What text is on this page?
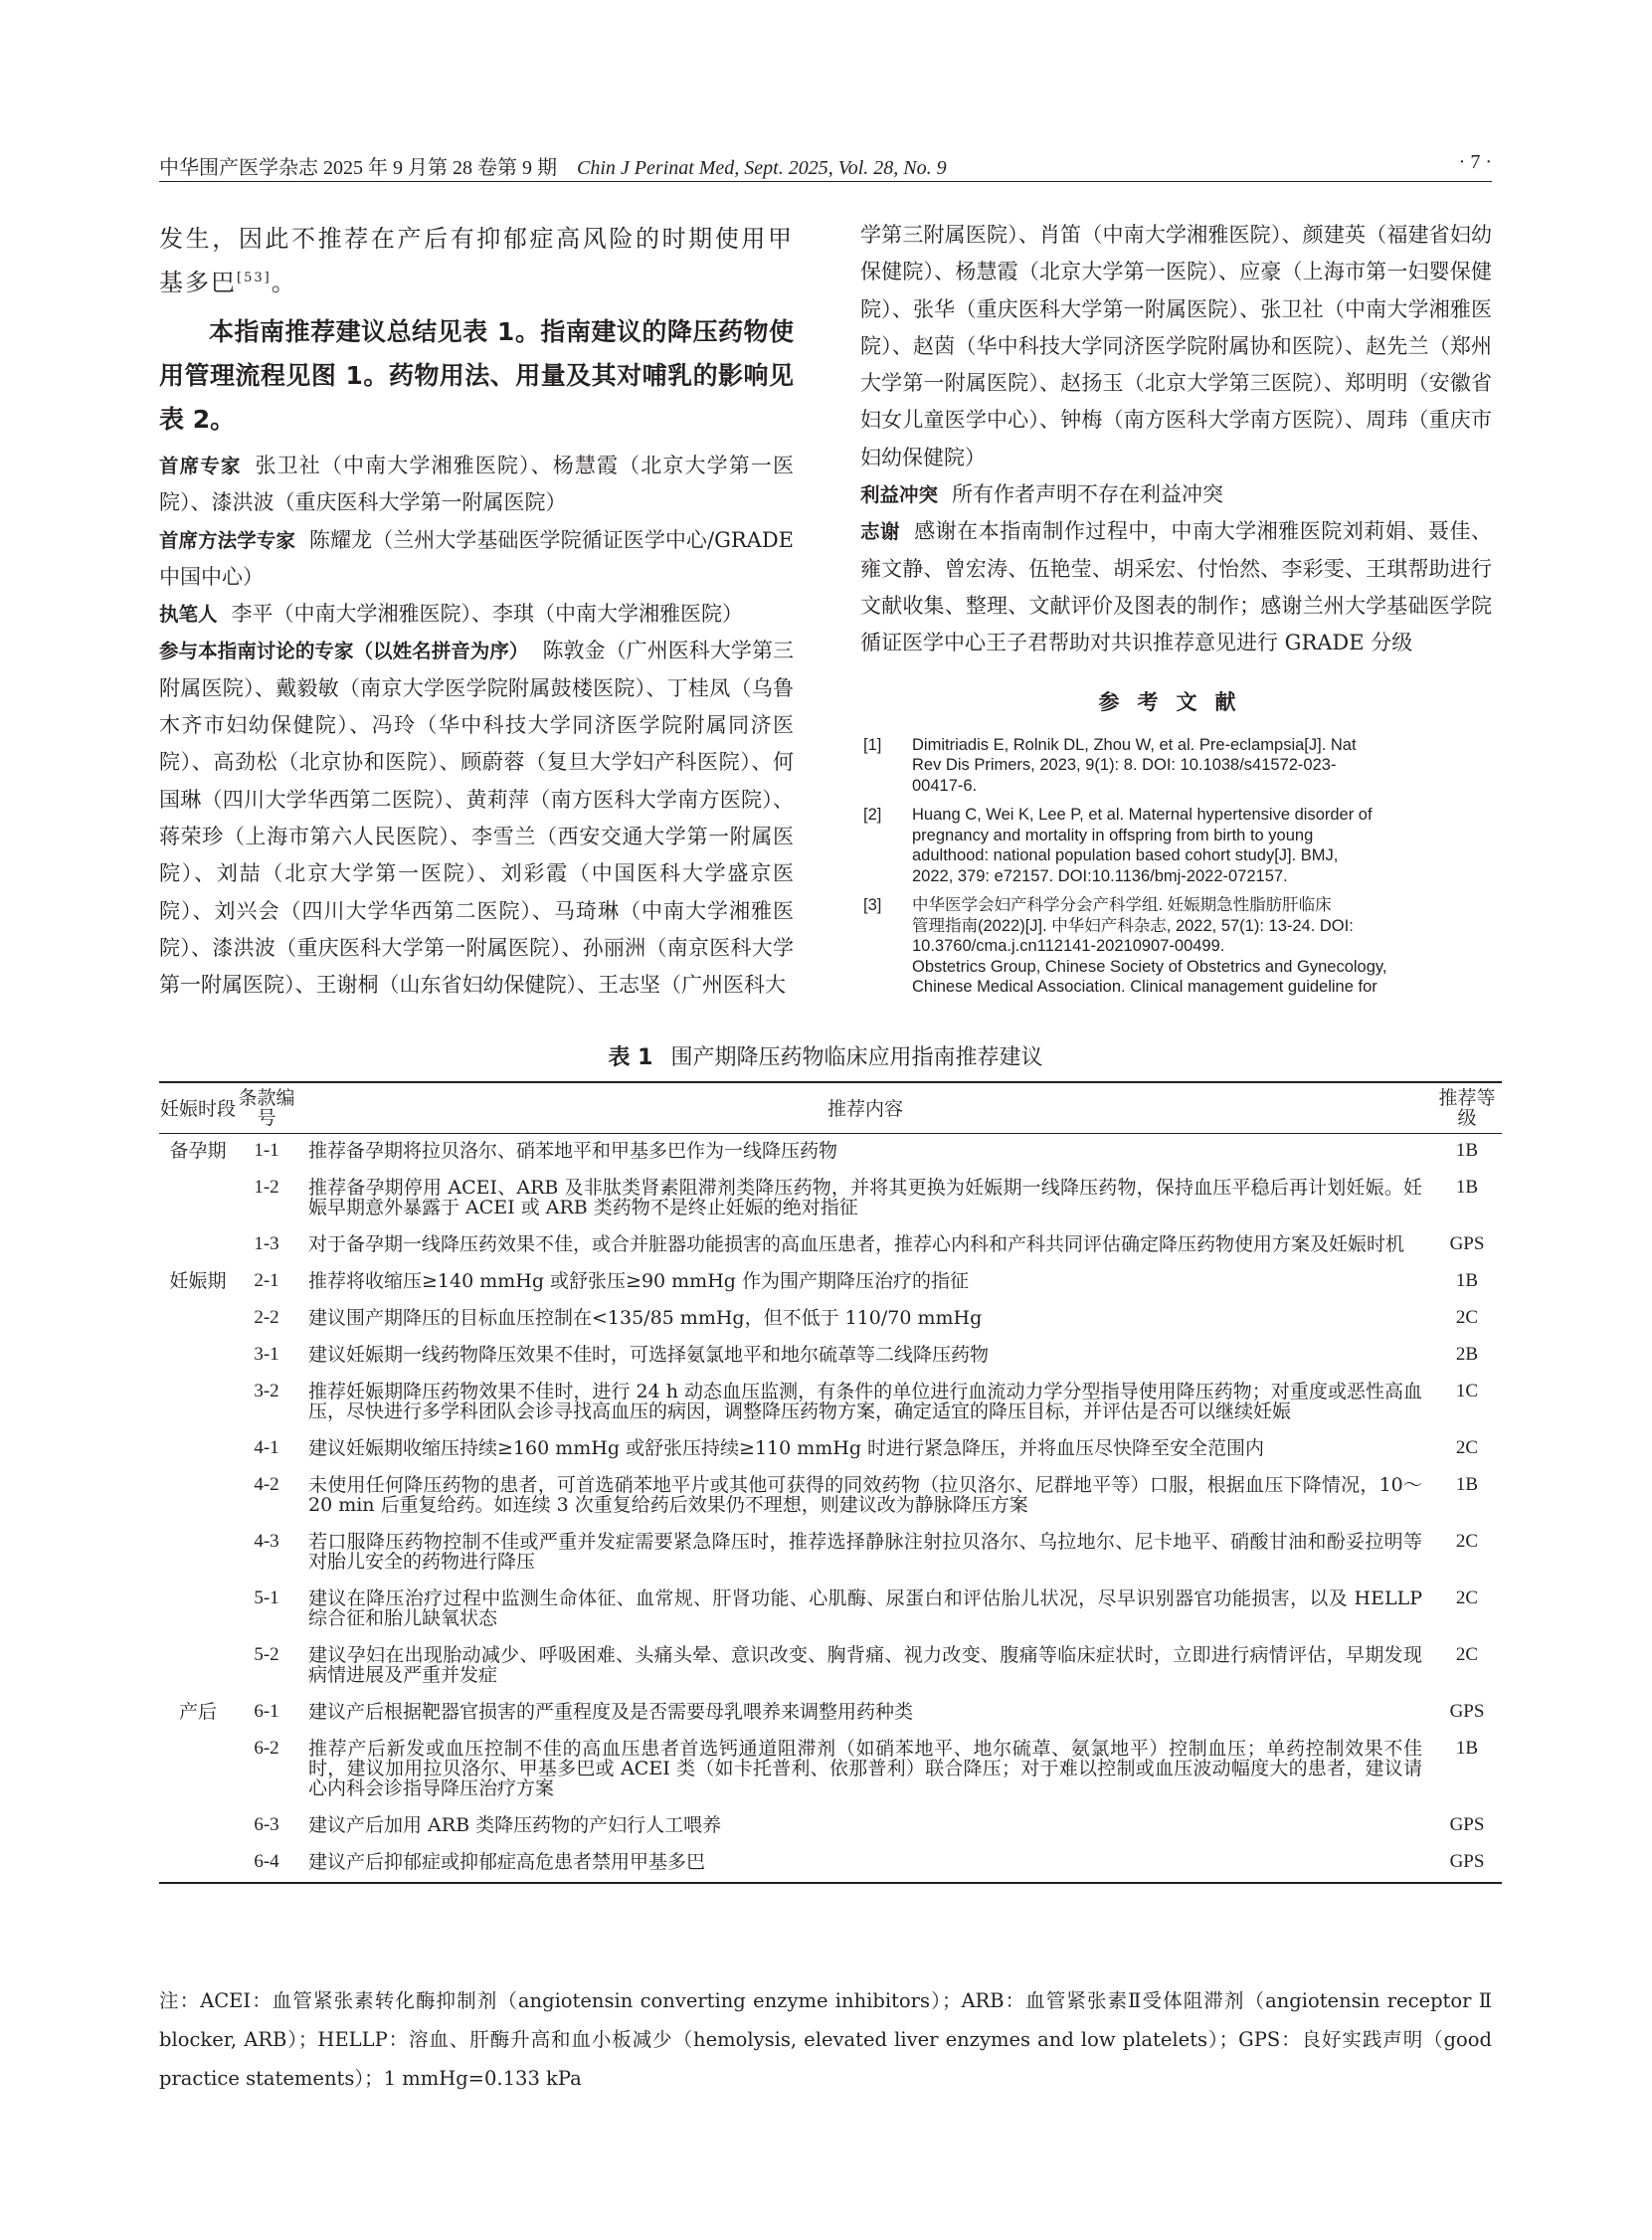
中华围产医学杂志 2025 年 9 月第 28 卷第 9 期 Chin J Perinat Med, Sept. 2025, Vol. 28, No. 9	· 7 ·

发生，因此不推荐在产后有抑郁症高风险的时期使用甲基多巴[53]。

本指南推荐建议总结见表 1。指南建议的降压药物使用管理流程见图 1。药物用法、用量及其对哺乳的影响见表 2。

首席专家 张卫社（中南大学湘雅医院）、杨慧霞（北京大学第一医院）、漆洪波（重庆医科大学第一附属医院）

首席方法学专家 陈耀龙（兰州大学基础医学院循证医学中心/GRADE 中国中心）

执笔人 李平（中南大学湘雅医院）、李琪（中南大学湘雅医院）

参与本指南讨论的专家（以姓名拼音为序） 陈敦金（广州医科大学第三附属医院）、戴毅敏（南京大学医学院附属鼓楼医院）、丁桂凤（乌鲁木齐市妇幼保健院）、冯玲（华中科技大学同济医学院附属同济医院）、高劲松（北京协和医院）、顾蔚蓉（复旦大学妇产科医院）、何国琳（四川大学华西第二医院）、黄莉萍（南方医科大学南方医院）、蒋荣珍（上海市第六人民医院）、李雪兰（西安交通大学第一附属医院）、刘喆（北京大学第一医院）、刘彩霞（中国医科大学盛京医院）、刘兴会（四川大学华西第二医院）、马琦琳（中南大学湘雅医院）、漆洪波（重庆医科大学第一附属医院）、孙丽洲（南京医科大学第一附属医院）、王谢桐（山东省妇幼保健院）、王志坚（广州医科大

学第三附属医院）、肖笛（中南大学湘雅医院）、颜建英（福建省妇幼保健院）、杨慧霞（北京大学第一医院）、应豪（上海市第一妇婴保健院）、张华（重庆医科大学第一附属医院）、张卫社（中南大学湘雅医院）、赵茵（华中科技大学同济医学院附属协和医院）、赵先兰（郑州大学第一附属医院）、赵扬玉（北京大学第三医院）、郑明明（安徽省妇女儿童医学中心）、钟梅（南方医科大学南方医院）、周玮（重庆市妇幼保健院）

利益冲突 所有作者声明不存在利益冲突

志谢 感谢在本指南制作过程中，中南大学湘雅医院刘莉娟、聂佳、雍文静、曾宏涛、伍艳莹、胡采宏、付怡然、李彩雯、王琪帮助进行文献收集、整理、文献评价及图表的制作；感谢兰州大学基础医学院循证医学中心王子君帮助对共识推荐意见进行 GRADE 分级

参考文献

[1] Dimitriadis E, Rolnik DL, Zhou W, et al. Pre-eclampsia[J]. Nat
Rev Dis Primers, 2023, 9(1): 8. DOI: 10.1038/s41572-023-
00417-6.
[2] Huang C, Wei K, Lee P, et al. Maternal hypertensive disorder of
pregnancy and mortality in offspring from birth to young
adulthood: national population based cohort study[J]. BMJ,
2022, 379: e72157. DOI:10.1136/bmj-2022-072157.
[3] 中华医学会妇产科学分会产科学组. 妊娠期急性脂肪肝临床
管理指南(2022)[J]. 中华妇产科杂志, 2022, 57(1): 13-24. DOI:
10.3760/cma.j.cn112141-20210907-00499.
Obstetrics Group, Chinese Society of Obstetrics and Gynecology,
Chinese Medical Association. Clinical management guideline for
表 1 围产期降压药物临床应用指南推荐建议
妊娠时段	条款编号	推荐内容	推荐等级
备孕期	1-1	推荐备孕期将拉贝洛尔、硝苯地平和甲基多巴作为一线降压药物	1B
	1-2	推荐备孕期停用 ACEI、ARB 及非肽类肾素阻滞剂类降压药物，并将其更换为妊娠期一线降压药物，保持血压平稳后再计划妊娠。妊娠早期意外暴露于 ACEI 或 ARB 类药物不是终止妊娠的绝对指征	1B
	1-3	对于备孕期一线降压药效果不佳，或合并脏器功能损害的高血压患者，推荐心内科和产科共同评估确定降压药物使用方案及妊娠时机	GPS
妊娠期	2-1	推荐将收缩压≥140 mmHg 或舒张压≥90 mmHg 作为围产期降压治疗的指征	1B
	2-2	建议围产期降压的目标血压控制在<135/85 mmHg，但不低于 110/70 mmHg	2C
	3-1	建议妊娠期一线药物降压效果不佳时，可选择氨氯地平和地尔硫䓬等二线降压药物	2B
	3-2	推荐妊娠期降压药物效果不佳时，进行 24 h 动态血压监测，有条件的单位进行血流动力学分型指导使用降压药物；对重度或恶性高血压，尽快进行多学科团队会诊寻找高血压的病因，调整降压药物方案，确定适宜的降压目标，并评估是否可以继续妊娠	1C
	4-1	建议妊娠期收缩压持续≥160 mmHg 或舒张压持续≥110 mmHg 时进行紧急降压，并将血压尽快降至安全范围内	2C
	4-2	未使用任何降压药物的患者，可首选硝苯地平片或其他可获得的同效药物（拉贝洛尔、尼群地平等）口服，根据血压下降情况，10～20 min 后重复给药。如连续 3 次重复给药后效果仍不理想，则建议改为静脉降压方案	1B
	4-3	若口服降压药物控制不佳或严重并发症需要紧急降压时，推荐选择静脉注射拉贝洛尔、乌拉地尔、尼卡地平、硝酸甘油和酚妥拉明等对胎儿安全的药物进行降压	2C
	5-1	建议在降压治疗过程中监测生命体征、血常规、肝肾功能、心肌酶、尿蛋白和评估胎儿状况，尽早识别器官功能损害，以及 HELLP 综合征和胎儿缺氧状态	2C
	5-2	建议孕妇在出现胎动减少、呼吸困难、头痛头晕、意识改变、胸背痛、视力改变、腹痛等临床症状时，立即进行病情评估，早期发现病情进展及严重并发症	2C
产后	6-1	建议产后根据靶器官损害的严重程度及是否需要母乳喂养来调整用药种类	GPS
	6-2	推荐产后新发或血压控制不佳的高血压患者首选钙通道阻滞剂（如硝苯地平、地尔硫䓬、氨氯地平）控制血压；单药控制效果不佳时，建议加用拉贝洛尔、甲基多巴或 ACEI 类（如卡托普利、依那普利）联合降压；对于难以控制或血压波动幅度大的患者，建议请心内科会诊指导降压治疗方案	1B
	6-3	建议产后加用 ARB 类降压药物的产妇行人工喂养	GPS
	6-4	建议产后抑郁症或抑郁症高危患者禁用甲基多巴	GPS
注：ACEI：血管紧张素转化酶抑制剂（angiotensin converting enzyme inhibitors）；ARB：血管紧张素Ⅱ受体阻滞剂（angiotensin receptor Ⅱ blocker, ARB）；HELLP：溶血、肝酶升高和血小板减少（hemolysis, elevated liver enzymes and low platelets）；GPS：良好实践声明（good practice statements）；1 mmHg=0.133 kPa
